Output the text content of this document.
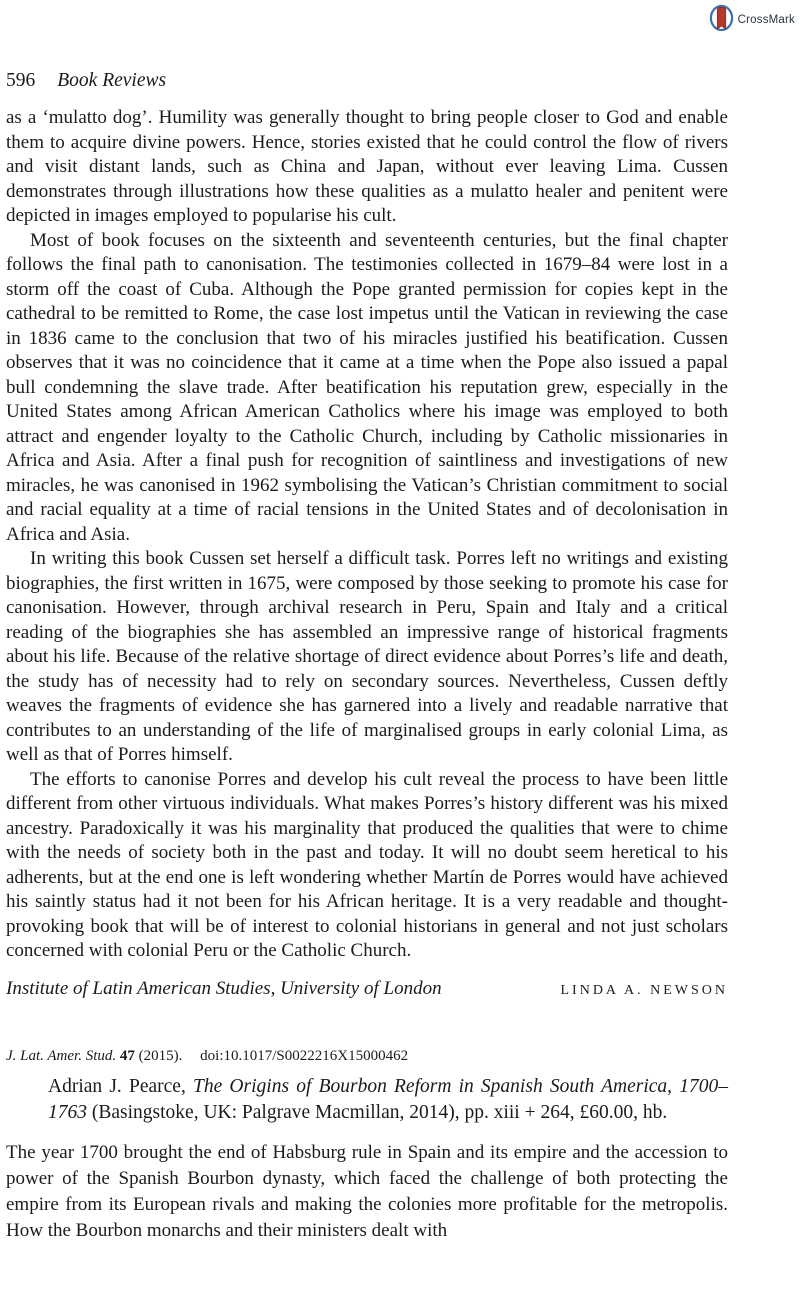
CrossMark
596 Book Reviews

as a ‘mulatto dog’. Humility was generally thought to bring people closer to God and enable them to acquire divine powers. Hence, stories existed that he could control the flow of rivers and visit distant lands, such as China and Japan, without ever leaving Lima. Cussen demonstrates through illustrations how these qualities as a mulatto healer and penitent were depicted in images employed to popularise his cult.

Most of book focuses on the sixteenth and seventeenth centuries, but the final chapter follows the final path to canonisation. The testimonies collected in 1679–84 were lost in a storm off the coast of Cuba. Although the Pope granted permission for copies kept in the cathedral to be remitted to Rome, the case lost impetus until the Vatican in reviewing the case in 1836 came to the conclusion that two of his miracles justified his beatification. Cussen observes that it was no coincidence that it came at a time when the Pope also issued a papal bull condemning the slave trade. After beatification his reputation grew, especially in the United States among African American Catholics where his image was employed to both attract and engender loyalty to the Catholic Church, including by Catholic missionaries in Africa and Asia. After a final push for recognition of saintliness and investigations of new miracles, he was canonised in 1962 symbolising the Vatican’s Christian commitment to social and racial equality at a time of racial tensions in the United States and of decolonisation in Africa and Asia.

In writing this book Cussen set herself a difficult task. Porres left no writings and existing biographies, the first written in 1675, were composed by those seeking to promote his case for canonisation. However, through archival research in Peru, Spain and Italy and a critical reading of the biographies she has assembled an impressive range of historical fragments about his life. Because of the relative shortage of direct evidence about Porres’s life and death, the study has of necessity had to rely on secondary sources. Nevertheless, Cussen deftly weaves the fragments of evidence she has garnered into a lively and readable narrative that contributes to an understanding of the life of marginalised groups in early colonial Lima, as well as that of Porres himself.

The efforts to canonise Porres and develop his cult reveal the process to have been little different from other virtuous individuals. What makes Porres’s history different was his mixed ancestry. Paradoxically it was his marginality that produced the qualities that were to chime with the needs of society both in the past and today. It will no doubt seem heretical to his adherents, but at the end one is left wondering whether Martín de Porres would have achieved his saintly status had it not been for his African heritage. It is a very readable and thought-provoking book that will be of interest to colonial historians in general and not just scholars concerned with colonial Peru or the Catholic Church.

Institute of Latin American Studies, University of London	LINDA A. NEWSON
J. Lat. Amer. Stud. 47 (2015). doi:10.1017/S0022216X15000462
Adrian J. Pearce, The Origins of Bourbon Reform in Spanish South America, 1700–1763 (Basingstoke, UK: Palgrave Macmillan, 2014), pp. xiii + 264, £60.00, hb.

The year 1700 brought the end of Habsburg rule in Spain and its empire and the accession to power of the Spanish Bourbon dynasty, which faced the challenge of both protecting the empire from its European rivals and making the colonies more profitable for the metropolis. How the Bourbon monarchs and their ministers dealt with
